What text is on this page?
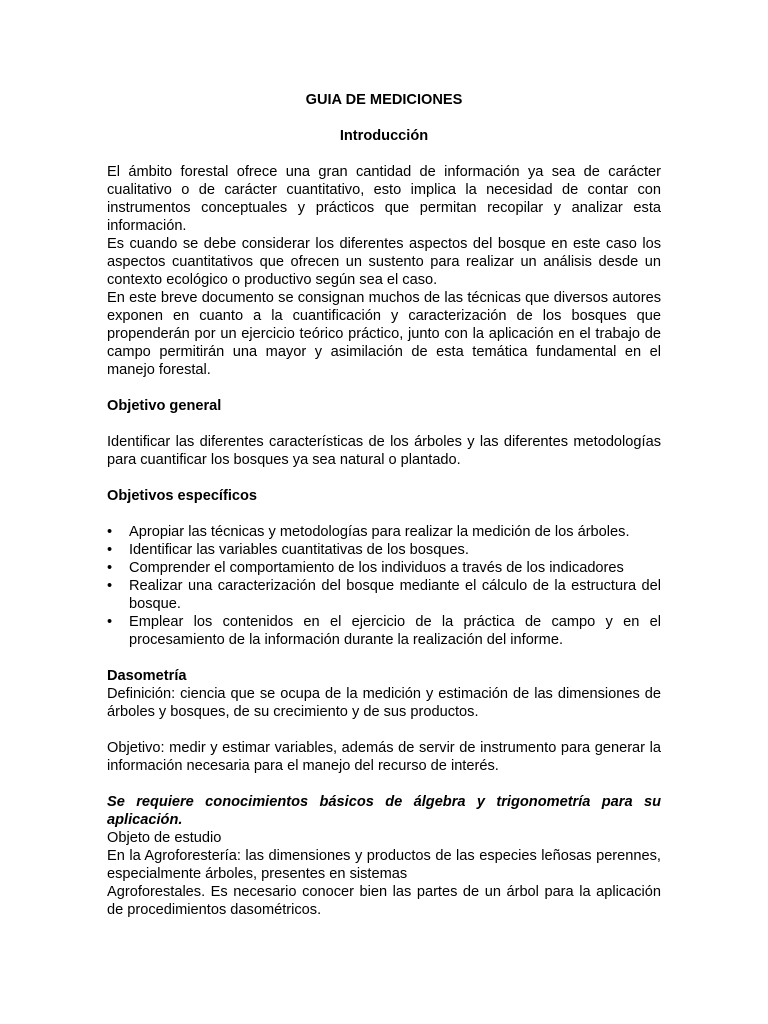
GUIA DE MEDICIONES

Introducción

El ámbito forestal ofrece una gran cantidad de información ya sea de carácter cualitativo o de carácter cuantitativo, esto implica la necesidad de contar con instrumentos conceptuales y prácticos que permitan recopilar y analizar esta información.

Es cuando se debe considerar los diferentes aspectos del bosque en este caso los aspectos cuantitativos que ofrecen un sustento para realizar un análisis desde un contexto ecológico o productivo según sea el caso.

En este breve documento se consignan muchos de las técnicas que diversos autores exponen en cuanto a la cuantificación y caracterización de los bosques que propenderán por un ejercicio teórico práctico, junto con la aplicación en el trabajo de campo permitirán una mayor y asimilación de esta temática fundamental en el manejo forestal.

Objetivo general

Identificar las diferentes características de los árboles y las diferentes metodologías para cuantificar los bosques ya sea natural o plantado.

Objetivos específicos

•	Apropiar las técnicas y metodologías para realizar la medición de los árboles.
•	Identificar las variables cuantitativas de los bosques.
•	Comprender el comportamiento de los individuos a través de los indicadores
•	Realizar una caracterización del bosque mediante el cálculo de la estructura del bosque.
•	Emplear los contenidos en el ejercicio de la práctica de campo y en el procesamiento de la información durante la realización del informe.

Dasometría

Definición: ciencia que se ocupa de la medición y estimación de las dimensiones de árboles y bosques, de su crecimiento y de sus productos.

Objetivo: medir y estimar variables, además de servir de instrumento para generar la información necesaria para el manejo del recurso de interés.

Se requiere conocimientos básicos de álgebra y trigonometría para su aplicación.

Objeto de estudio

En la Agroforestería: las dimensiones y productos de las especies leñosas perennes, especialmente árboles, presentes en sistemas

Agroforestales. Es necesario conocer bien las partes de un árbol para la aplicación de procedimientos dasométricos.
